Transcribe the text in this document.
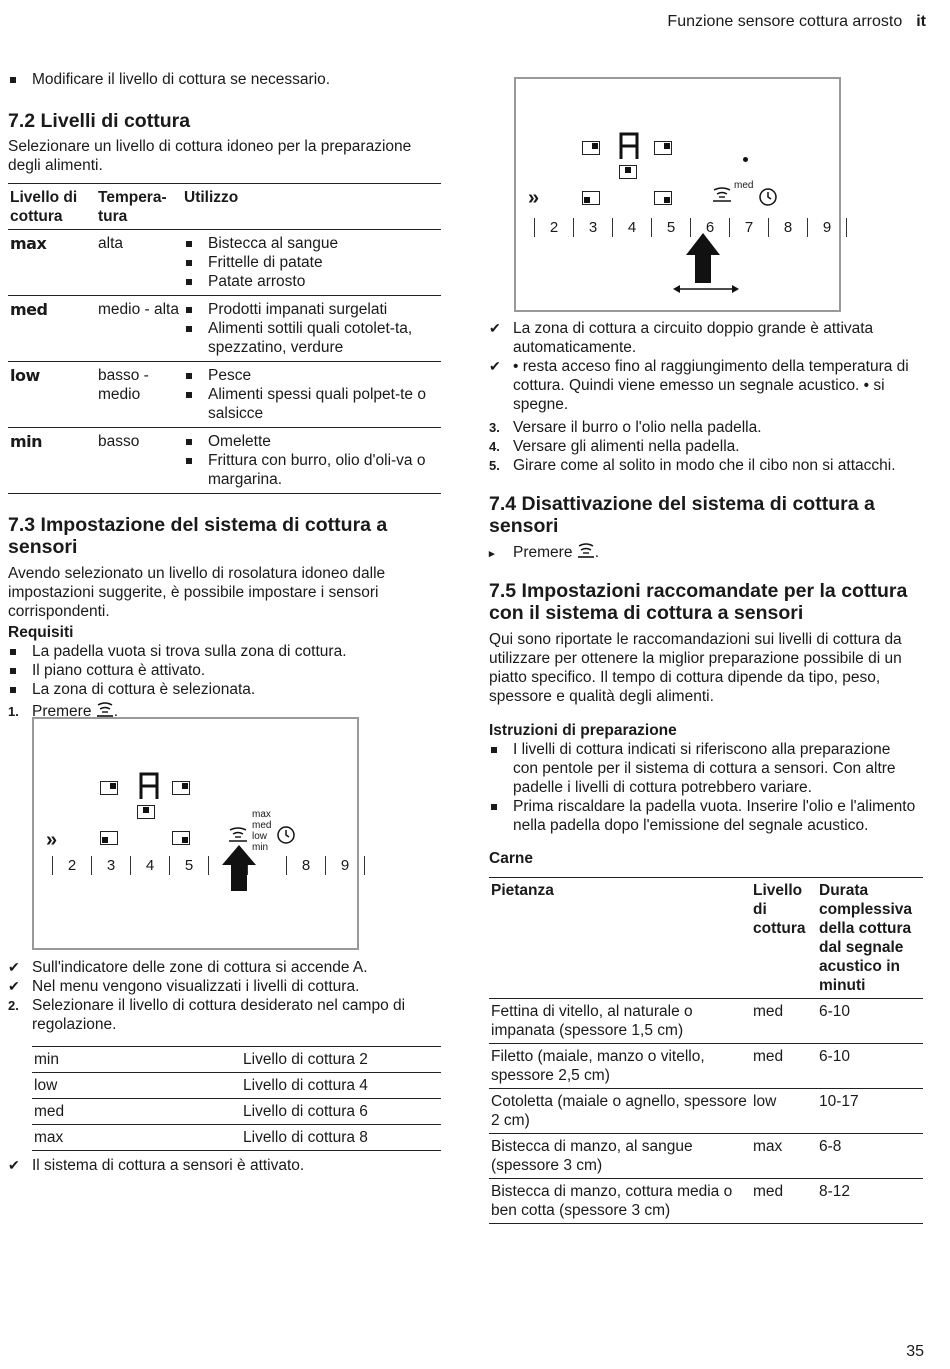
Funzione sensore cottura arrosto it
Modificare il livello di cottura se necessario.
7.2 Livelli di cottura
Selezionare un livello di cottura idoneo per la preparazione degli alimenti.
Livello di cottura	Tempera-tura	Utilizzo
max	alta	Bistecca al sangue
Frittelle di patate
Patate arrosto
med	medio - alta	Prodotti impanati surgelati
Alimenti sottili quali cotolet-ta, spezzatino, verdure
low	basso - medio	
Pesce
Alimenti spessi quali polpet-te o salsicce
min	basso	Omelette
Frittura con burro, olio d'oli-va o margarina.
7.3 Impostazione del sistema di cottura a sensori
Avendo selezionato un livello di rosolatura idoneo dalle impostazioni suggerite, è possibile impostare i sensori corrispondenti.
Requisiti
La padella vuota si trova sulla zona di cottura.
Il piano cottura è attivato.
La zona di cottura è selezionata.
1. Premere .
»
max
med
low
min
2	3	4	5	8	9
✔ Sull'indicatore delle zone di cottura si accende A.
✔ Nel menu vengono visualizzati i livelli di cottura.
2. Selezionare il livello di cottura desiderato nel campo di regolazione.
min	Livello di cottura 2
low	Livello di cottura 4
med	Livello di cottura 6
max	Livello di cottura 8
✔ Il sistema di cottura a sensori è attivato.
»
med
2	3	4	5	6	7	8	9
✔ La zona di cottura a circuito doppio grande è attivata automaticamente.
✔ • resta acceso fino al raggiungimento della temperatura di cottura. Quindi viene emesso un segnale acustico. • si spegne.
3. Versare il burro o l'olio nella padella.
4. Versare gli alimenti nella padella.
5. Girare come al solito in modo che il cibo non si attacchi.
7.4 Disattivazione del sistema di cottura a sensori
▸ Premere .
7.5 Impostazioni raccomandate per la cottura con il sistema di cottura a sensori
Qui sono riportate le raccomandazioni sui livelli di cottura da utilizzare per ottenere la miglior preparazione possibile di un piatto specifico. Il tempo di cottura dipende da tipo, peso, spessore e qualità degli alimenti.
Istruzioni di preparazione
I livelli di cottura indicati si riferiscono alla preparazione con pentole per il sistema di cottura a sensori. Con altre padelle i livelli di cottura potrebbero variare.
Prima riscaldare la padella vuota. Inserire l'olio e l'alimento nella padella dopo l'emissione del segnale acustico.
Carne
Pietanza	Livello di cottura	Durata complessiva della cottura dal segnale acustico in minuti
Fettina di vitello, al naturale o impanata (spessore 1,5 cm)	med	6-10
Filetto (maiale, manzo o vitello, spessore 2,5 cm)	med	6-10
Cotoletta (maiale o agnello, spessore 2 cm)	low	10-17
Bistecca di manzo, al sangue (spessore 3 cm)	max	6-8
Bistecca di manzo, cottura media o ben cotta (spessore 3 cm)	med	8-12
35
